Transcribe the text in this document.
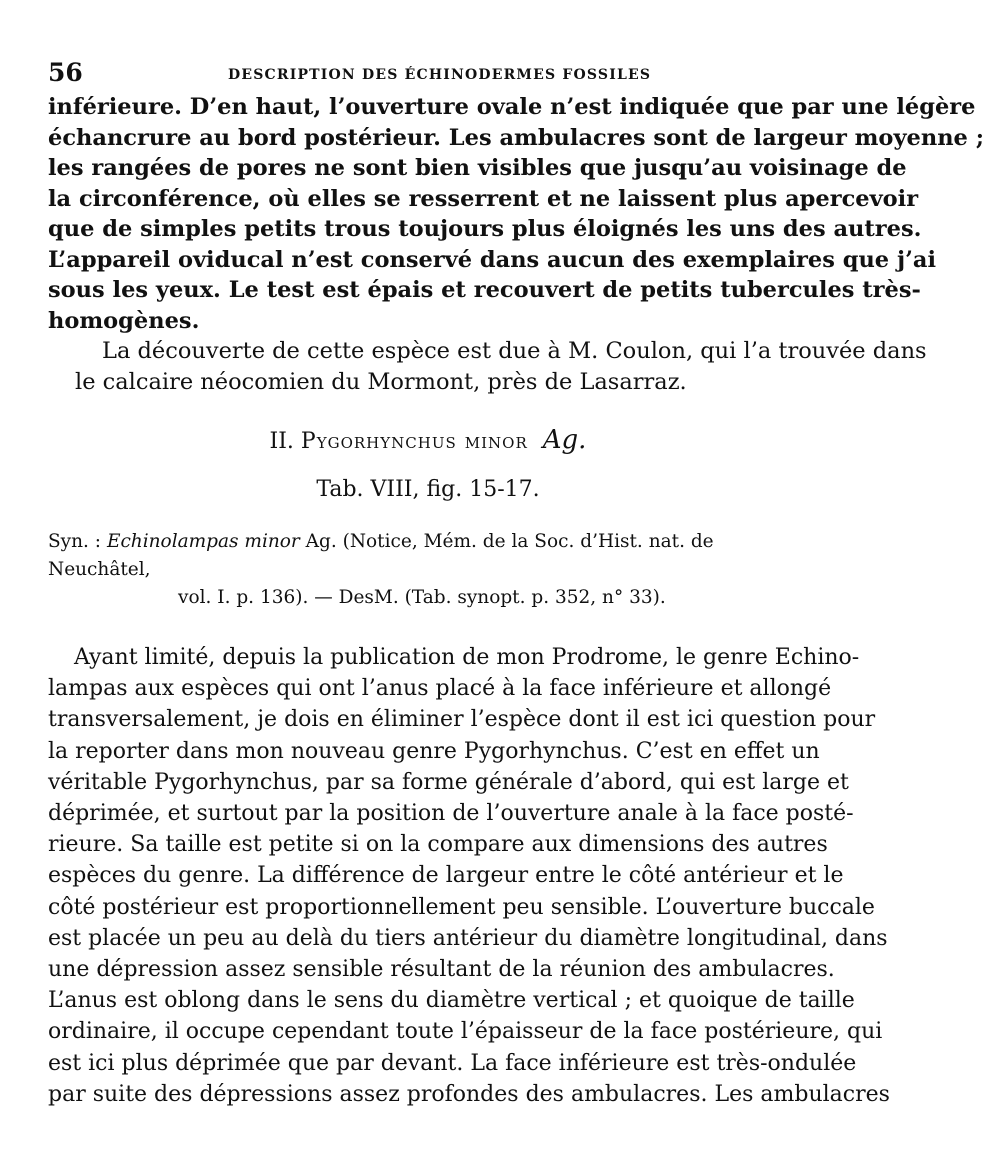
56	DESCRIPTION DES ÉCHINODERMES FOSSILES
inférieure. D’en haut, l’ouverture ovale n’est indiquée que par une légère
échancrure au bord postérieur. Les ambulacres sont de largeur moyenne ;
les rangées de pores ne sont bien visibles que jusqu’au voisinage de
la circonférence, où elles se resserrent et ne laissent plus apercevoir
que de simples petits trous toujours plus éloignés les uns des autres.
L’appareil oviducal n’est conservé dans aucun des exemplaires que j’ai
sous les yeux. Le test est épais et recouvert de petits tubercules très-
homogènes.
La découverte de cette espèce est due à M. Coulon, qui l’a trouvée dans
le calcaire néocomien du Mormont, près de Lasarraz.
II. Pygorhynchus minor Ag.
Tab. VIII, fig. 15-17.
Syn. : Echinolampas minor Ag. (Notice, Mém. de la Soc. d’Hist. nat. de Neuchâtel,
vol. I. p. 136). — DesM. (Tab. synopt. p. 352, n° 33).
Ayant limité, depuis la publication de mon Prodrome, le genre Echino-
lampas aux espèces qui ont l’anus placé à la face inférieure et allongé
transversalement, je dois en éliminer l’espèce dont il est ici question pour
la reporter dans mon nouveau genre Pygorhynchus. C’est en effet un
véritable Pygorhynchus, par sa forme générale d’abord, qui est large et
déprimée, et surtout par la position de l’ouverture anale à la face posté-
rieure. Sa taille est petite si on la compare aux dimensions des autres
espèces du genre. La différence de largeur entre le côté antérieur et le
côté postérieur est proportionnellement peu sensible. L’ouverture buccale
est placée un peu au delà du tiers antérieur du diamètre longitudinal, dans
une dépression assez sensible résultant de la réunion des ambulacres.
L’anus est oblong dans le sens du diamètre vertical ; et quoique de taille
ordinaire, il occupe cependant toute l’épaisseur de la face postérieure, qui
est ici plus déprimée que par devant. La face inférieure est très-ondulée
par suite des dépressions assez profondes des ambulacres. Les ambulacres
